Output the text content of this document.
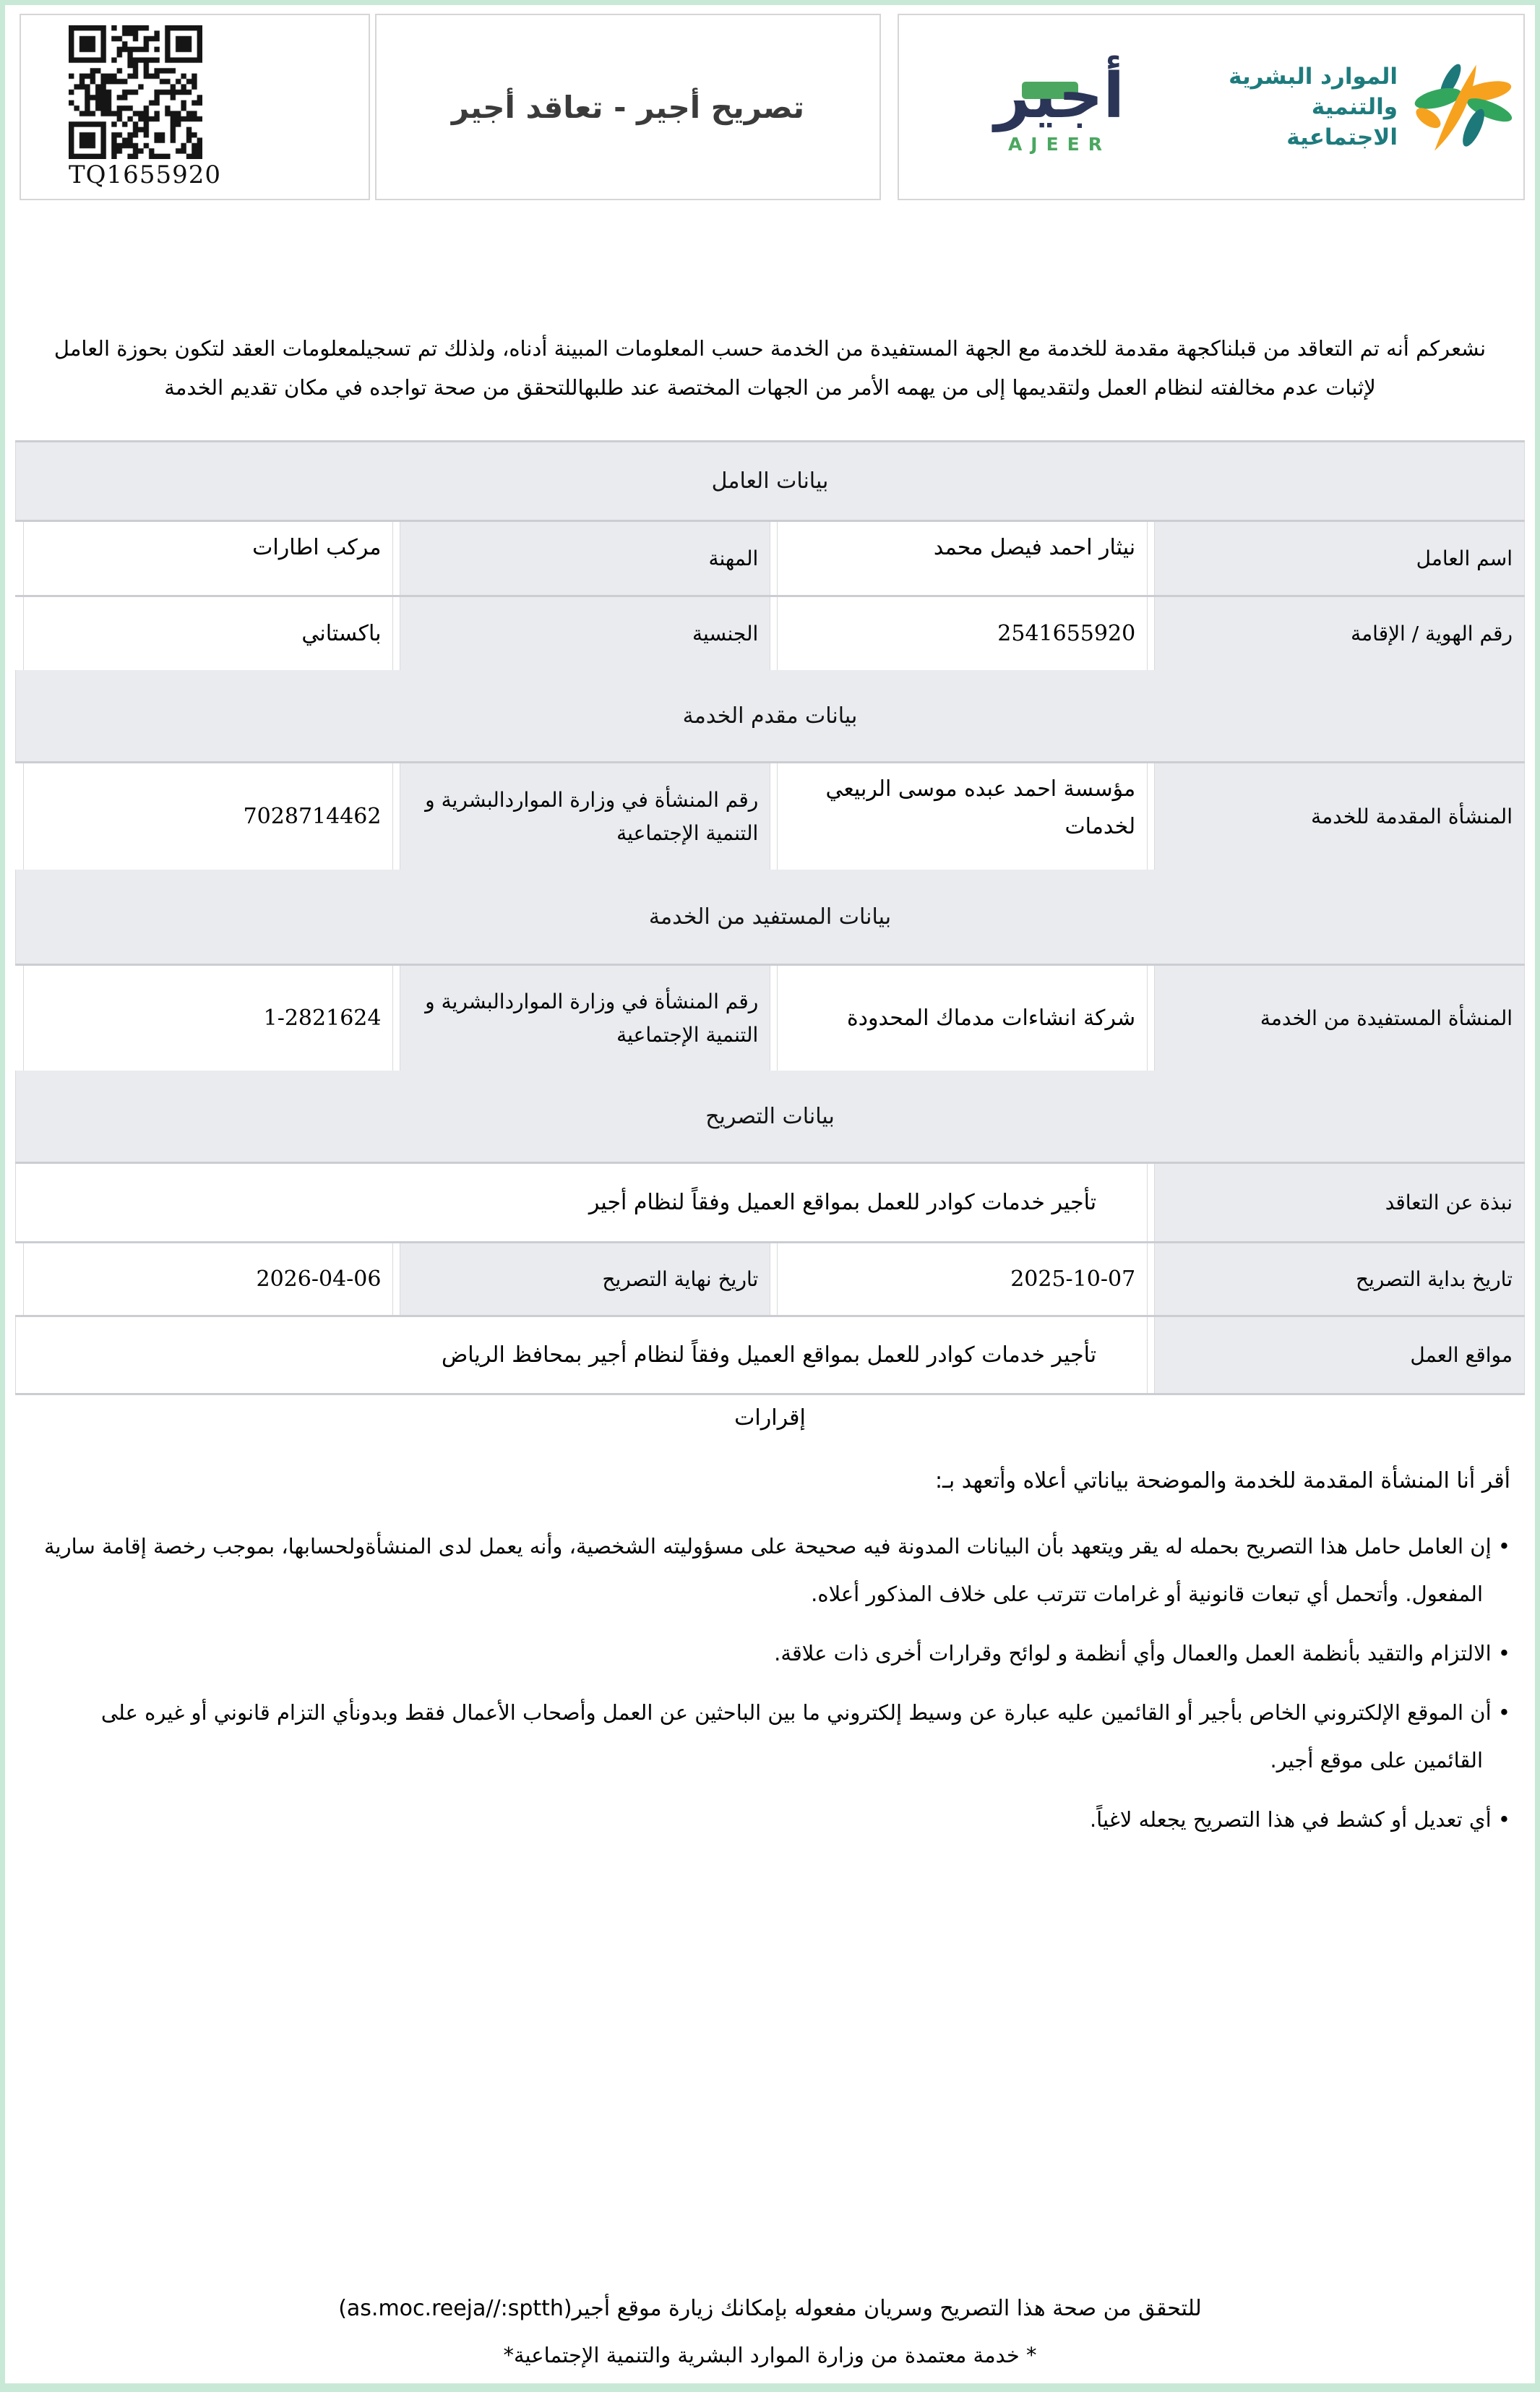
TQ1655920
تصريح أجير - تعاقد أجير	أجير
AJEER
الموارد البشرية
والتنمية الاجتماعية
نشعركم أنه تم التعاقد من قبلناكجهة مقدمة للخدمة مع الجهة المستفيدة من الخدمة حسب المعلومات المبينة أدناه، ولذلك تم تسجيلمعلومات العقد لتكون بحوزة العامل لإثبات عدم مخالفته لنظام العمل ولتقديمها إلى من يهمه الأمر من الجهات المختصة عند طلبهاللتحقق من صحة تواجده في مكان تقديم الخدمة
بيانات العامل
اسم العامل
نيثار احمد فيصل محمد
المهنة
مركب اطارات
رقم الهوية / الإقامة
2541655920
الجنسية
باكستاني
بيانات مقدم الخدمة
المنشأة المقدمة للخدمة
مؤسسة احمد عبده موسى الربيعي لخدمات
رقم المنشأة في وزارة المواردالبشرية و التنمية الإجتماعية
7028714462
بيانات المستفيد من الخدمة
المنشأة المستفيدة من الخدمة
شركة انشاءات مدماك المحدودة
رقم المنشأة في وزارة المواردالبشرية و التنمية الإجتماعية
1-2821624
بيانات التصريح
نبذة عن التعاقد
تأجير خدمات كوادر للعمل بمواقع العميل وفقاً لنظام أجير
تاريخ بداية التصريح
2025-10-07
تاريخ نهاية التصريح
2026-04-06
مواقع العمل
تأجير خدمات كوادر للعمل بمواقع العميل وفقاً لنظام أجير بمحافظ الرياض
إقرارات
أقر أنا المنشأة المقدمة للخدمة والموضحة بياناتي أعلاه وأتعهد بـ:
• إن العامل حامل هذا التصريح بحمله له يقر ويتعهد بأن البيانات المدونة فيه صحيحة على مسؤوليته الشخصية، وأنه يعمل لدى المنشأةولحسابها، بموجب رخصة إقامة سارية المفعول. وأتحمل أي تبعات قانونية أو غرامات تترتب على خلاف المذكور أعلاه.
• الالتزام والتقيد بأنظمة العمل والعمال وأي أنظمة و لوائح وقرارات أخرى ذات علاقة.
• أن الموقع الإلكتروني الخاص بأجير أو القائمين عليه عبارة عن وسيط إلكتروني ما بين الباحثين عن العمل وأصحاب الأعمال فقط وبدونأي التزام قانوني أو غيره على القائمين على موقع أجير.
• أي تعديل أو كشط في هذا التصريح يجعله لاغياً.
للتحقق من صحة هذا التصريح وسريان مفعوله بإمكانك زيارة موقع أجير(as.moc.reeja//:sptth)
* خدمة معتمدة من وزارة الموارد البشرية والتنمية الإجتماعية*
